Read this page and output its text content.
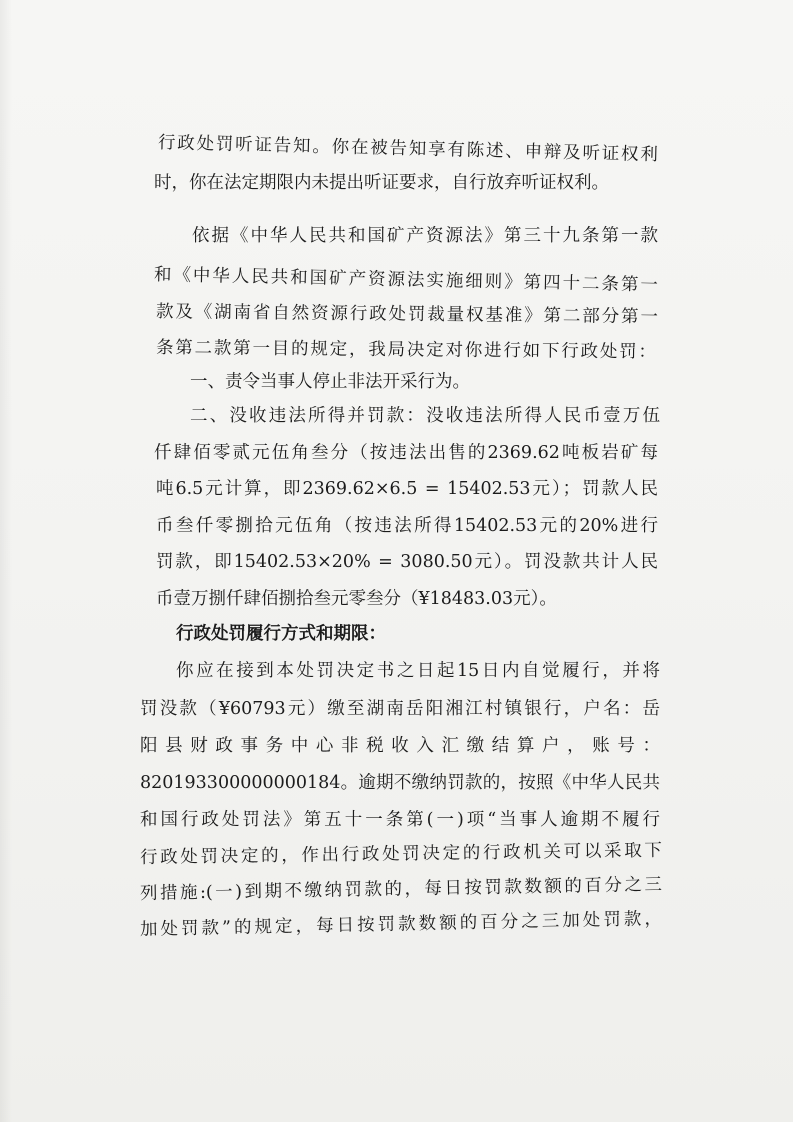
行政处罚听证告知。你在被告知享有陈述、申辩及听证权利
时，你在法定期限内未提出听证要求，自行放弃听证权利。
依据《中华人民共和国矿产资源法》第三十九条第一款
和《中华人民共和国矿产资源法实施细则》第四十二条第一
款及《湖南省自然资源行政处罚裁量权基准》第二部分第一
条第二款第一目的规定，我局决定对你进行如下行政处罚：
一、责令当事人停止非法开采行为。
二、没收违法所得并罚款：没收违法所得人民币壹万伍
仟肆佰零贰元伍角叁分（按违法出售的2369.62吨板岩矿每
吨6.5元计算，即2369.62×6.5 = 15402.53元）；罚款人民
币叁仟零捌拾元伍角（按违法所得15402.53元的20%进行
罚款，即15402.53×20% = 3080.50元）。罚没款共计人民
币壹万捌仟肆佰捌拾叁元零叁分（¥18483.03元）。
行政处罚履行方式和期限：
你应在接到本处罚决定书之日起15日内自觉履行，并将
罚没款（¥60793元）缴至湖南岳阳湘江村镇银行，户名：岳
阳县财政事务中心非税收入汇缴结算户，账号：
820193300000000184。逾期不缴纳罚款的，按照《中华人民共
和国行政处罚法》第五十一条第(一)项“当事人逾期不履行
行政处罚决定的，作出行政处罚决定的行政机关可以采取下
列措施:(一)到期不缴纳罚款的，每日按罚款数额的百分之三
加处罚款”的规定，每日按罚款数额的百分之三加处罚款，
